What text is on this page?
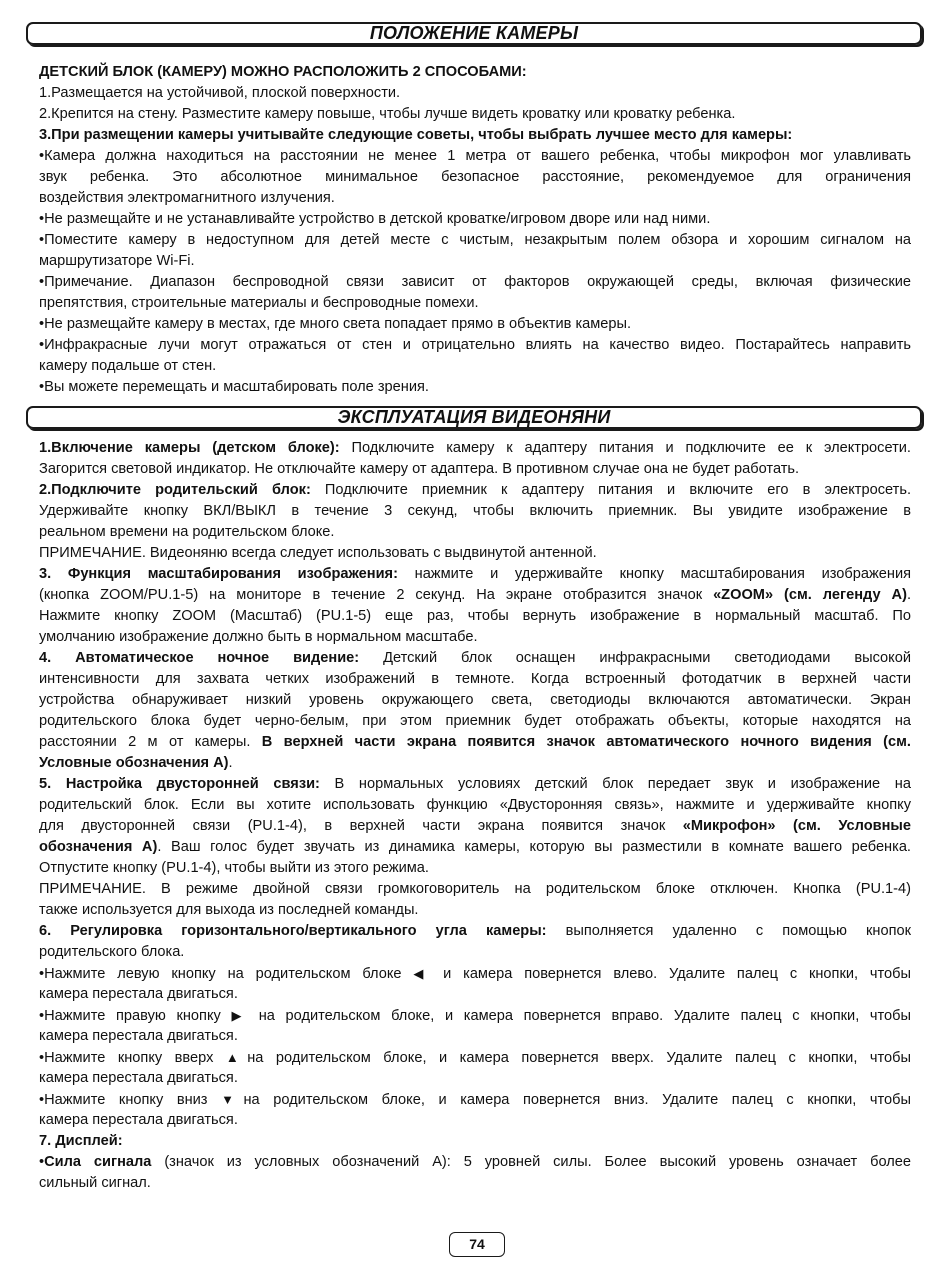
ПОЛОЖЕНИЕ КАМЕРЫ
ДЕТСКИЙ БЛОК (КАМЕРУ) МОЖНО РАСПОЛОЖИТЬ 2 СПОСОБАМИ:
1.Размещается на устойчивой, плоской поверхности.
2.Крепится на стену. Разместите камеру повыше, чтобы лучше видеть кроватку или кроватку ребенка.
3.При размещении камеры учитывайте следующие советы, чтобы выбрать лучшее место для камеры:
•Камера должна находиться на расстоянии не менее 1 метра от вашего ребенка, чтобы микрофон мог улавливать
звук ребенка. Это абсолютное минимальное безопасное расстояние, рекомендуемое для ограничения
воздействия электромагнитного излучения.
•Не размещайте и не устанавливайте устройство в детской кроватке/игровом дворе или над ними.
•Поместите камеру в недоступном для детей месте с чистым, незакрытым полем обзора и хорошим сигналом на
маршрутизаторе Wi-Fi.
•Примечание. Диапазон беспроводной связи зависит от факторов окружающей среды, включая физические
препятствия, строительные материалы и беспроводные помехи.
•Не размещайте камеру в местах, где много света попадает прямо в объектив камеры.
•Инфракрасные лучи могут отражаться от стен и отрицательно влиять на качество видео. Постарайтесь направить
камеру подальше от стен.
•Вы можете перемещать и масштабировать поле зрения.
ЭКСПЛУАТАЦИЯ ВИДЕОНЯНИ
1.Включение камеры (детском блоке): Подключите камеру к адаптеру питания и подключите ее к электросети.
Загорится световой индикатор. Не отключайте камеру от адаптера. В противном случае она не будет работать.
2.Подключите родительский блок: Подключите приемник к адаптеру питания и включите его в электросеть.
Удерживайте кнопку ВКЛ/ВЫКЛ в течение 3 секунд, чтобы включить приемник. Вы увидите изображение в
реальном времени на родительском блоке.
ПРИМЕЧАНИЕ. Видеоняню всегда следует использовать с выдвинутой антенной.
3. Функция масштабирования изображения: нажмите и удерживайте кнопку масштабирования изображения
(кнопка ZOOM/PU.1-5) на мониторе в течение 2 секунд. На экране отобразится значок «ZOOM» (см. легенду А).
Нажмите кнопку ZOOM (Масштаб) (PU.1-5) еще раз, чтобы вернуть изображение в нормальный масштаб. По
умолчанию изображение должно быть в нормальном масштабе.
4. Автоматическое ночное видение: Детский блок оснащен инфракрасными светодиодами высокой
интенсивности для захвата четких изображений в темноте. Когда встроенный фотодатчик в верхней части
устройства обнаруживает низкий уровень окружающего света, светодиоды включаются автоматически. Экран
родительского блока будет черно-белым, при этом приемник будет отображать объекты, которые находятся на
расстоянии 2 м от камеры. В верхней части экрана появится значок автоматического ночного видения (см.
Условные обозначения А).
5. Настройка двусторонней связи: В нормальных условиях детский блок передает звук и изображение на
родительский блок. Если вы хотите использовать функцию «Двусторонняя связь», нажмите и удерживайте кнопку
для двусторонней связи (PU.1-4), в верхней части экрана появится значок «Микрофон» (см. Условные
обозначения А). Ваш голос будет звучать из динамика камеры, которую вы разместили в комнате вашего ребенка.
Отпустите кнопку (PU.1-4), чтобы выйти из этого режима.
ПРИМЕЧАНИЕ. В режиме двойной связи громкоговоритель на родительском блоке отключен. Кнопка (PU.1-4)
также используется для выхода из последней команды.
6. Регулировка горизонтального/вертикального угла камеры: выполняется удаленно с помощью кнопок
родительского блока.
•Нажмите левую кнопку на родительском блоке ◀ и камера повернется влево. Удалите палец с кнопки, чтобы
камера перестала двигаться.
•Нажмите правую кнопку ▶ на родительском блоке, и камера повернется вправо. Удалите палец с кнопки, чтобы
камера перестала двигаться.
•Нажмите кнопку вверх ▲на родительском блоке, и камера повернется вверх. Удалите палец с кнопки, чтобы
камера перестала двигаться.
•Нажмите кнопку вниз ▼на родительском блоке, и камера повернется вниз. Удалите палец с кнопки, чтобы
камера перестала двигаться.
7. Дисплей:
•Сила сигнала (значок из условных обозначений А): 5 уровней силы. Более высокий уровень означает более
сильный сигнал.
74
